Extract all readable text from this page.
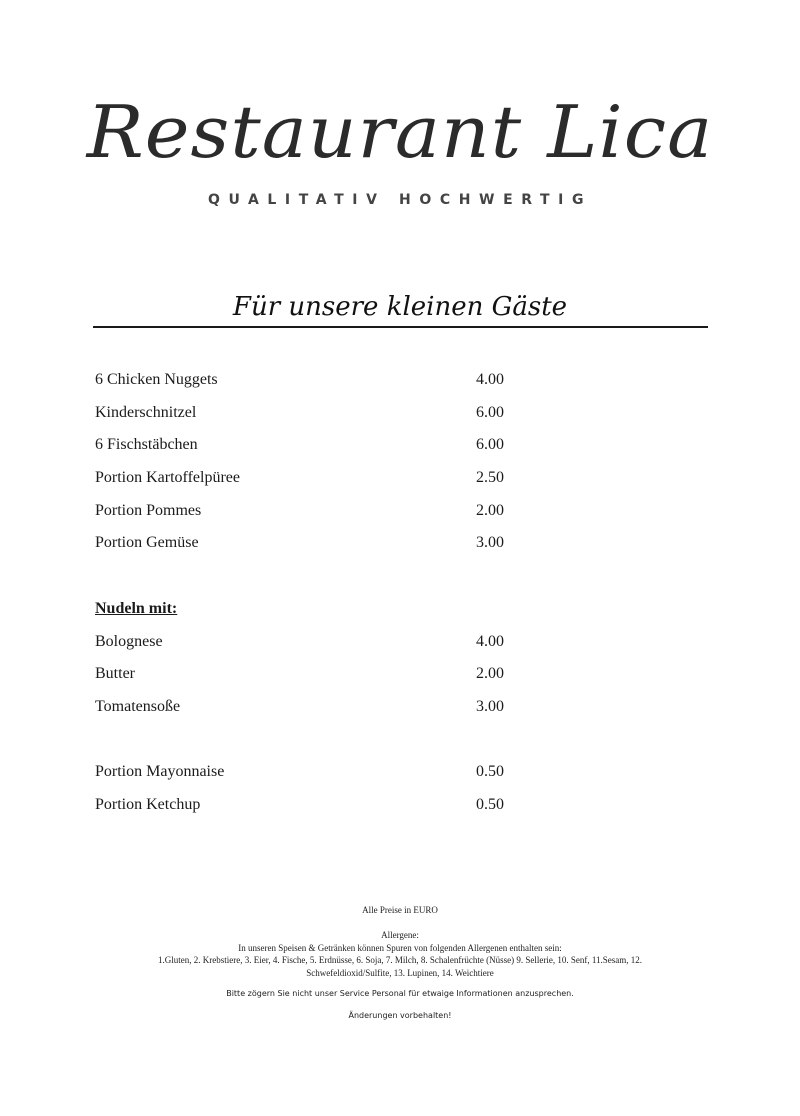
Restaurant Lica
QUALITATIV HOCHWERTIG
Für unsere kleinen Gäste
6 Chicken Nuggets	4.00
Kinderschnitzel	6.00
6 Fischstäbchen	6.00
Portion Kartoffelpüree	2.50
Portion Pommes	2.00
Portion Gemüse	3.00
Nudeln mit:
Bolognese	4.00
Butter	2.00
Tomatensoße	3.00
Portion Mayonnaise	0.50
Portion Ketchup	0.50

Alle Preise in EURO

Allergene:

In unseren Speisen & Getränken können Spuren von folgenden Allergenen enthalten sein:

1.Gluten, 2. Krebstiere, 3. Eier, 4. Fische, 5. Erdnüsse, 6. Soja, 7. Milch, 8. Schalenfrüchte (Nüsse) 9. Sellerie, 10. Senf, 11.Sesam, 12.

Schwefeldioxid/Sulfite, 13. Lupinen, 14. Weichtiere

Bitte zögern Sie nicht unser Service Personal für etwaige Informationen anzusprechen.

Änderungen vorbehalten!
